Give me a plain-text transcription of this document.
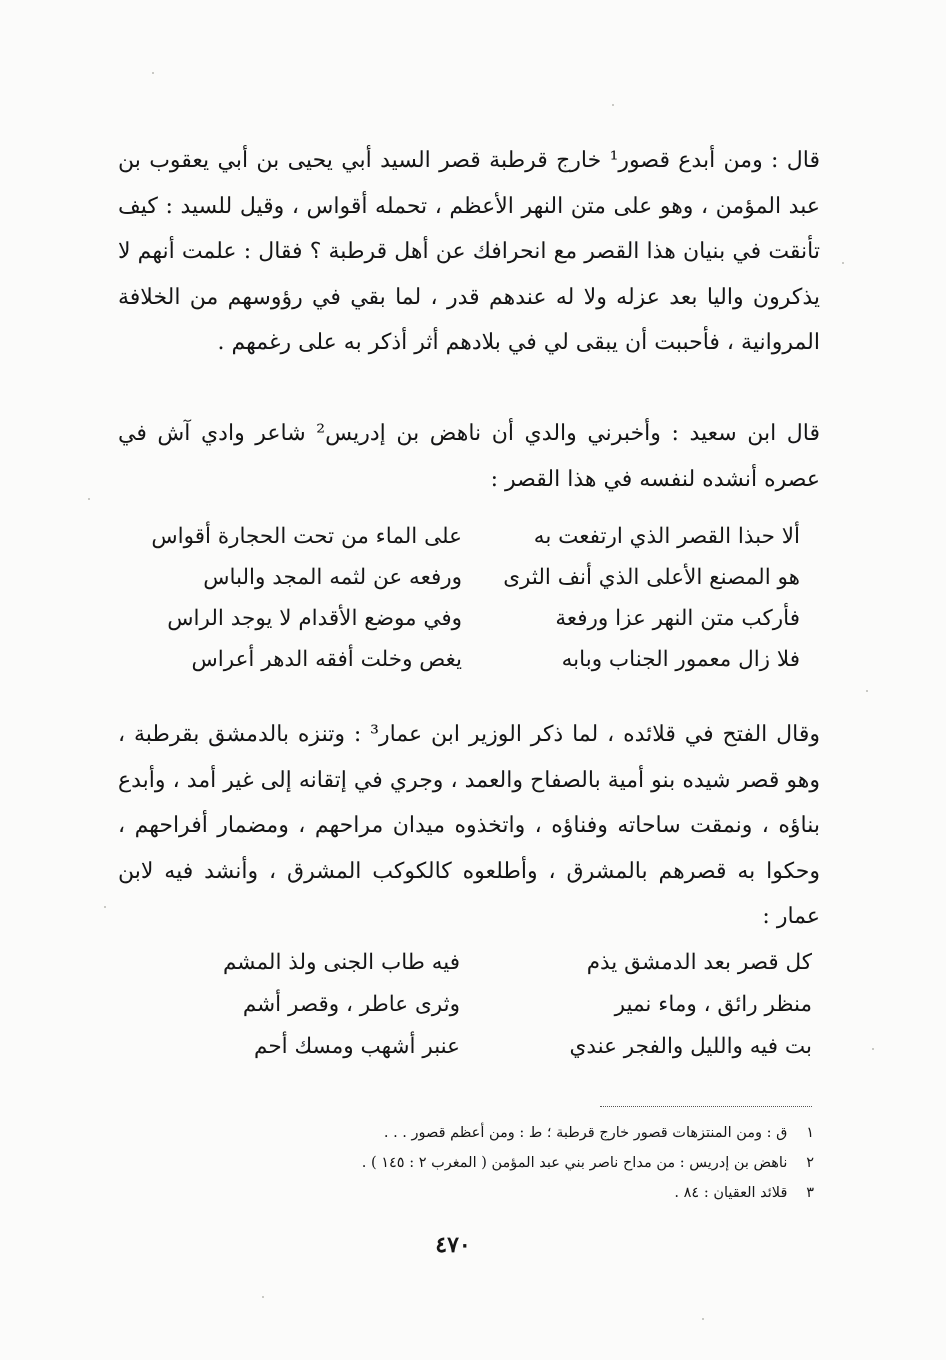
قال : ومن أبدع قصور¹ خارج قرطبة قصر السيد أبي يحيى بن أبي يعقوب بن عبد المؤمن ، وهو على متن النهر الأعظم ، تحمله أقواس ، وقيل للسيد : كيف تأنقت في بنيان هذا القصر مع انحرافك عن أهل قرطبة ؟ فقال : علمت أنهم لا يذكرون واليا بعد عزله ولا له عندهم قدر ، لما بقي في رؤوسهم من الخلافة المروانية ، فأحببت أن يبقى لي في بلادهم أثر أذكر به على رغمهم .

قال ابن سعيد : وأخبرني والدي أن ناهض بن إدريس² شاعر وادي آش في عصره أنشده لنفسه في هذا القصر :

ألا حبذا القصر الذي ارتفعت به
على الماء من تحت الحجارة أقواس
هو المصنع الأعلى الذي أنف الثرى
ورفعه عن لثمه المجد والباس
فأركب متن النهر عزا ورفعة
وفي موضع الأقدام لا يوجد الراس
فلا زال معمور الجناب وبابه
يغص وخلت أفقه الدهر أعراس

وقال الفتح في قلائده ، لما ذكر الوزير ابن عمار³ : وتنزه بالدمشق بقرطبة ، وهو قصر شيده بنو أمية بالصفاح والعمد ، وجري في إتقانه إلى غير أمد ، وأبدع بناؤه ، ونمقت ساحاته وفناؤه ، واتخذوه ميدان مراحهم ، ومضمار أفراحهم ، وحكوا به قصرهم بالمشرق ، وأطلعوه كالكوكب المشرق ، وأنشد فيه لابن عمار :

كل قصر بعد الدمشق يذم
فيه طاب الجنى ولذ المشم
منظر رائق ، وماء نمير
وثرى عاطر ، وقصر أشم
بت فيه والليل والفجر عندي
عنبر أشهب ومسك أحم
١ ق : ومن المنتزهات قصور خارج قرطبة ؛ ط : ومن أعظم قصور . . .
٢ ناهض بن إدريس : من مداح ناصر بني عبد المؤمن ( المغرب ٢ : ١٤٥ ) .
٣ قلائد العقيان : ٨٤ .
٤٧٠
